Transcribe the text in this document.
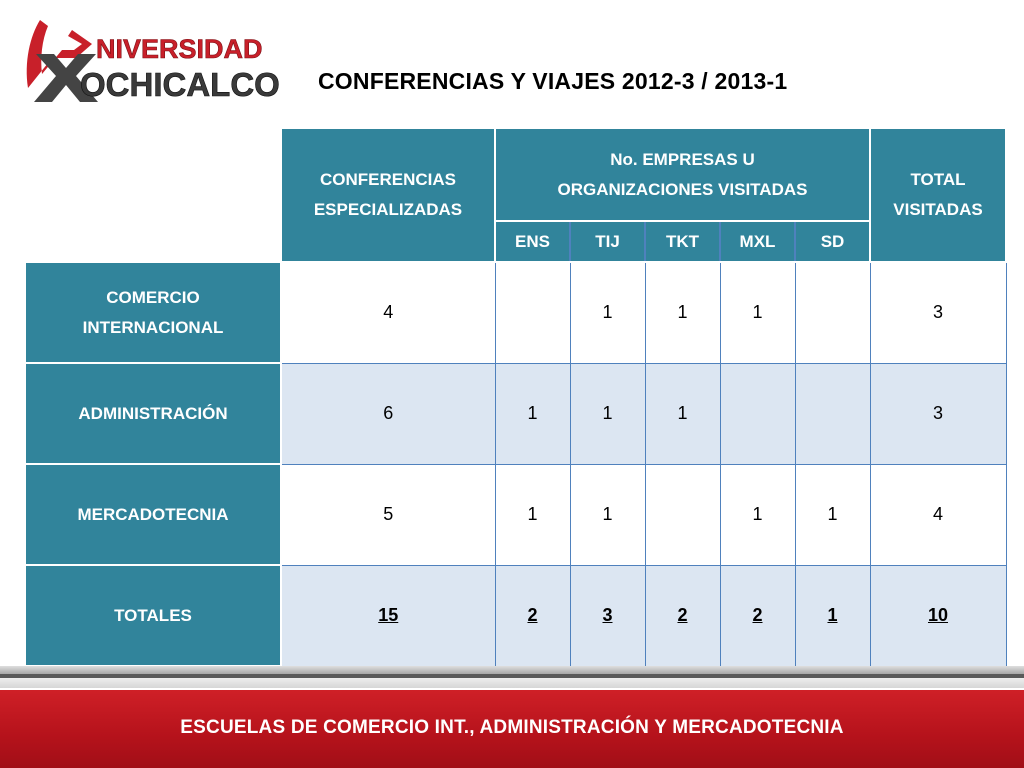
NIVERSIDAD
OCHICALCO CONFERENCIAS Y VIAJES 2012-3 / 2013-1
	CONFERENCIAS ESPECIALIZADAS	No. EMPRESAS U ORGANIZACIONES VISITADAS					TOTAL VISITADAS
		ENS	TIJ	TKT	MXL	SD	
COMERCIO INTERNACIONAL	4		1	1	1		3
ADMINISTRACIÓN	6	1	1	1			3
MERCADOTECNIA	5	1	1		1	1	4
TOTALES	15	2	3	2	2	1	10
ESCUELAS DE COMERCIO INT., ADMINISTRACIÓN Y MERCADOTECNIA
